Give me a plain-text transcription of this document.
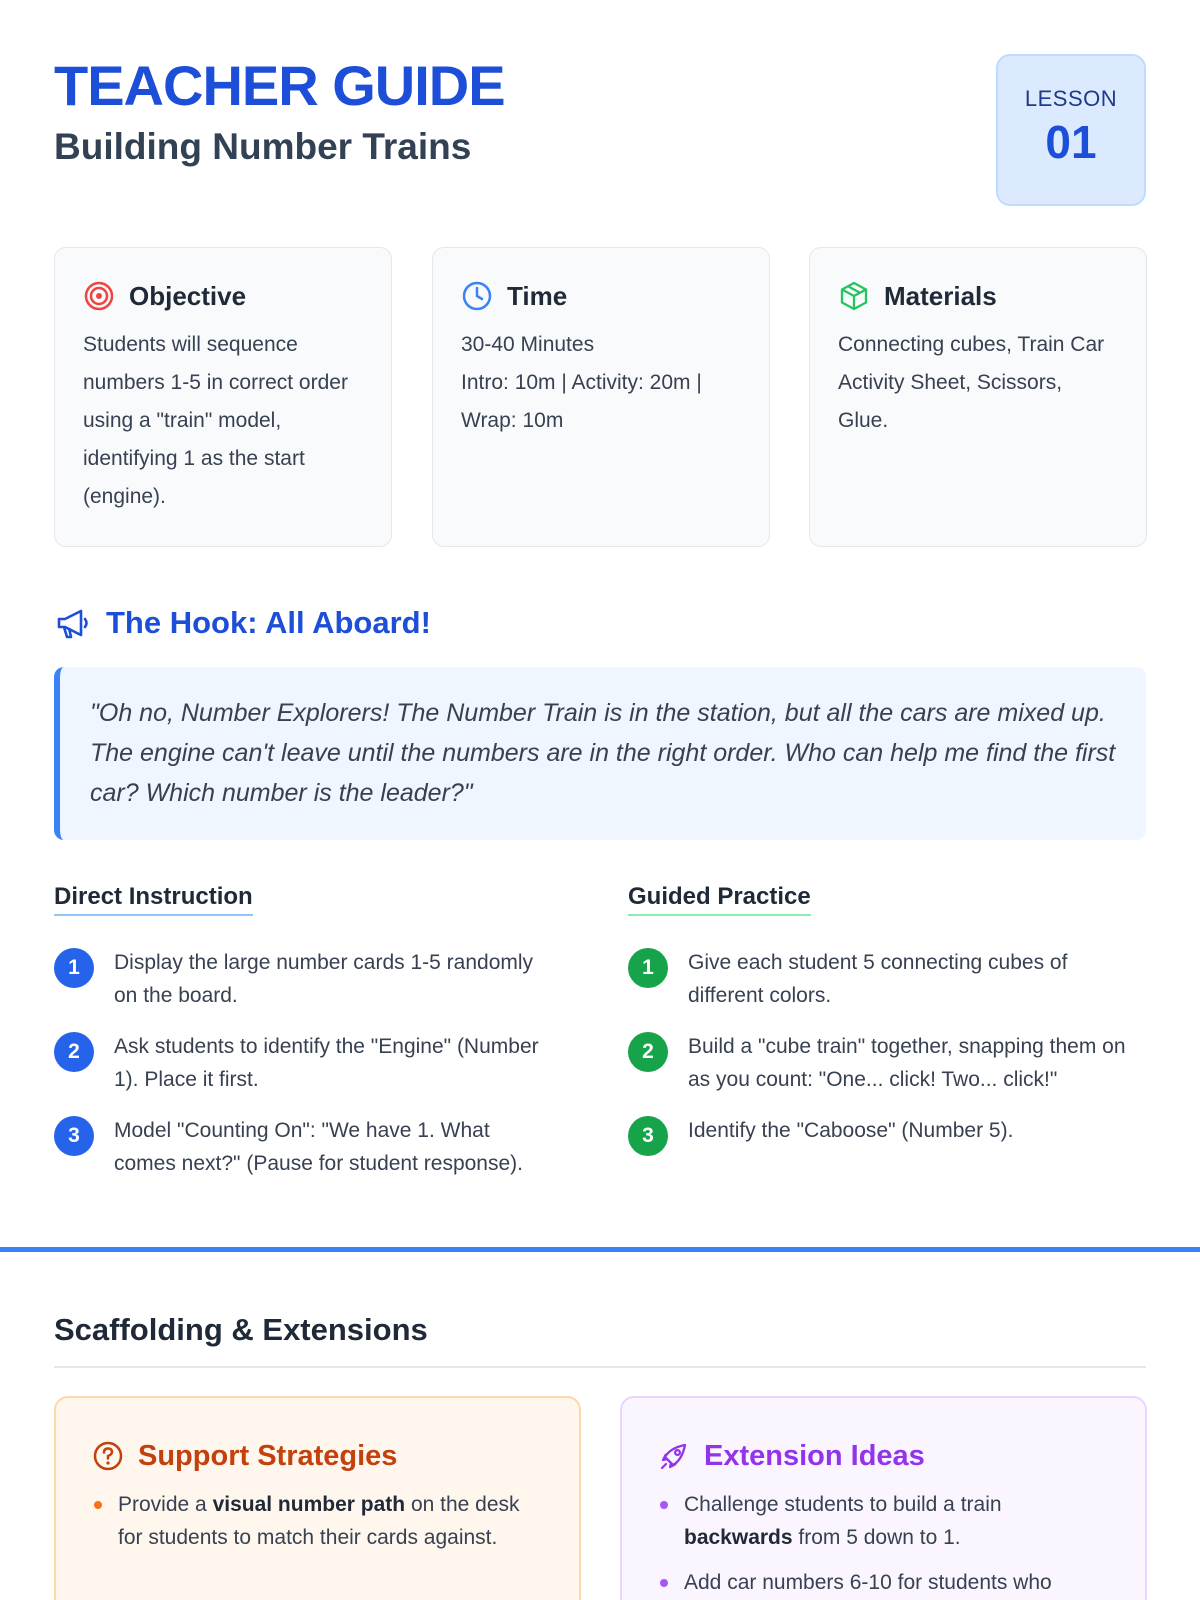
TEACHER GUIDE
Building Number Trains
LESSON
01
Objective
Students will sequence numbers 1-5 in correct order using a "train" model, identifying 1 as the start (engine).
Time
30-40 Minutes
Intro: 10m | Activity: 20m | Wrap: 10m
Materials
Connecting cubes, Train Car Activity Sheet, Scissors, Glue.
The Hook: All Aboard!
"Oh no, Number Explorers! The Number Train is in the station, but all the cars are mixed up. The engine can't leave until the numbers are in the right order. Who can help me find the first car? Which number is the leader?"
Direct Instruction
1	Display the large number cards 1-5 randomly on the board.
2	Ask students to identify the "Engine" (Number 1). Place it first.
3	Model "Counting On": "We have 1. What comes next?" (Pause for student response).
Guided Practice
1	Give each student 5 connecting cubes of different colors.
2	Build a "cube train" together, snapping them on as you count: "One... click! Two... click!"
3	Identify the "Caboose" (Number 5).
Scaffolding & Extensions
Support Strategies
Provide a visual number path on the desk for students to match their cards against.
Extension Ideas
Challenge students to build a train backwards from 5 down to 1.
Add car numbers 6-10 for students who
